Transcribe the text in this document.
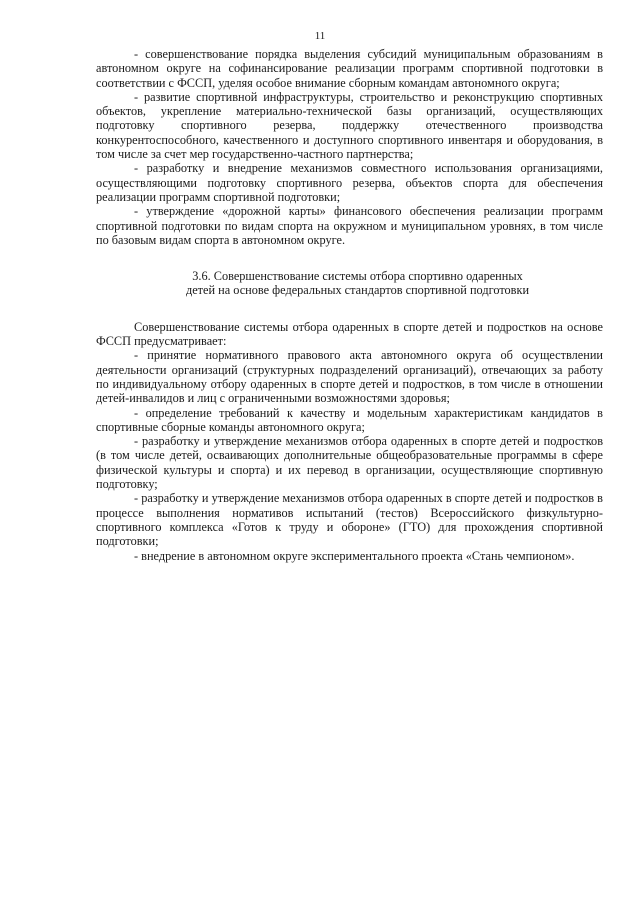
11

- совершенствование порядка выделения субсидий муниципальным образованиям в автономном округе на софинансирование реализации программ спортивной подготовки в соответствии с ФССП, уделяя особое внимание сборным командам автономного округа;

- развитие спортивной инфраструктуры, строительство и реконструкцию спортивных объектов, укрепление материально-технической базы организаций, осуществляющих подготовку спортивного резерва, поддержку отечественного производства конкурентоспособного, качественного и доступного спортивного инвентаря и оборудования, в том числе за счет мер государственно-частного партнерства;

- разработку и внедрение механизмов совместного использования организациями, осуществляющими подготовку спортивного резерва, объектов спорта для обеспечения реализации программ спортивной подготовки;

- утверждение «дорожной карты» финансового обеспечения реализации программ спортивной подготовки по видам спорта на окружном и муниципальном уровнях, в том числе по базовым видам спорта в автономном округе.

3.6. Совершенствование системы отбора спортивно одаренных
детей на основе федеральных стандартов спортивной подготовки

Совершенствование системы отбора одаренных в спорте детей и подростков на основе ФССП предусматривает:

- принятие нормативного правового акта автономного округа об осуществлении деятельности организаций (структурных подразделений организаций), отвечающих за работу по индивидуальному отбору одаренных в спорте детей и подростков, в том числе в отношении детей-инвалидов и лиц с ограниченными возможностями здоровья;

- определение требований к качеству и модельным характеристикам кандидатов в спортивные сборные команды автономного округа;

- разработку и утверждение механизмов отбора одаренных в спорте детей и подростков (в том числе детей, осваивающих дополнительные общеобразовательные программы в сфере физической культуры и спорта) и их перевод в организации, осуществляющие спортивную подготовку;

- разработку и утверждение механизмов отбора одаренных в спорте детей и подростков в процессе выполнения нормативов испытаний (тестов) Всероссийского физкультурно-спортивного комплекса «Готов к труду и обороне» (ГТО) для прохождения спортивной подготовки;

- внедрение в автономном округе экспериментального проекта «Стань чемпионом».
